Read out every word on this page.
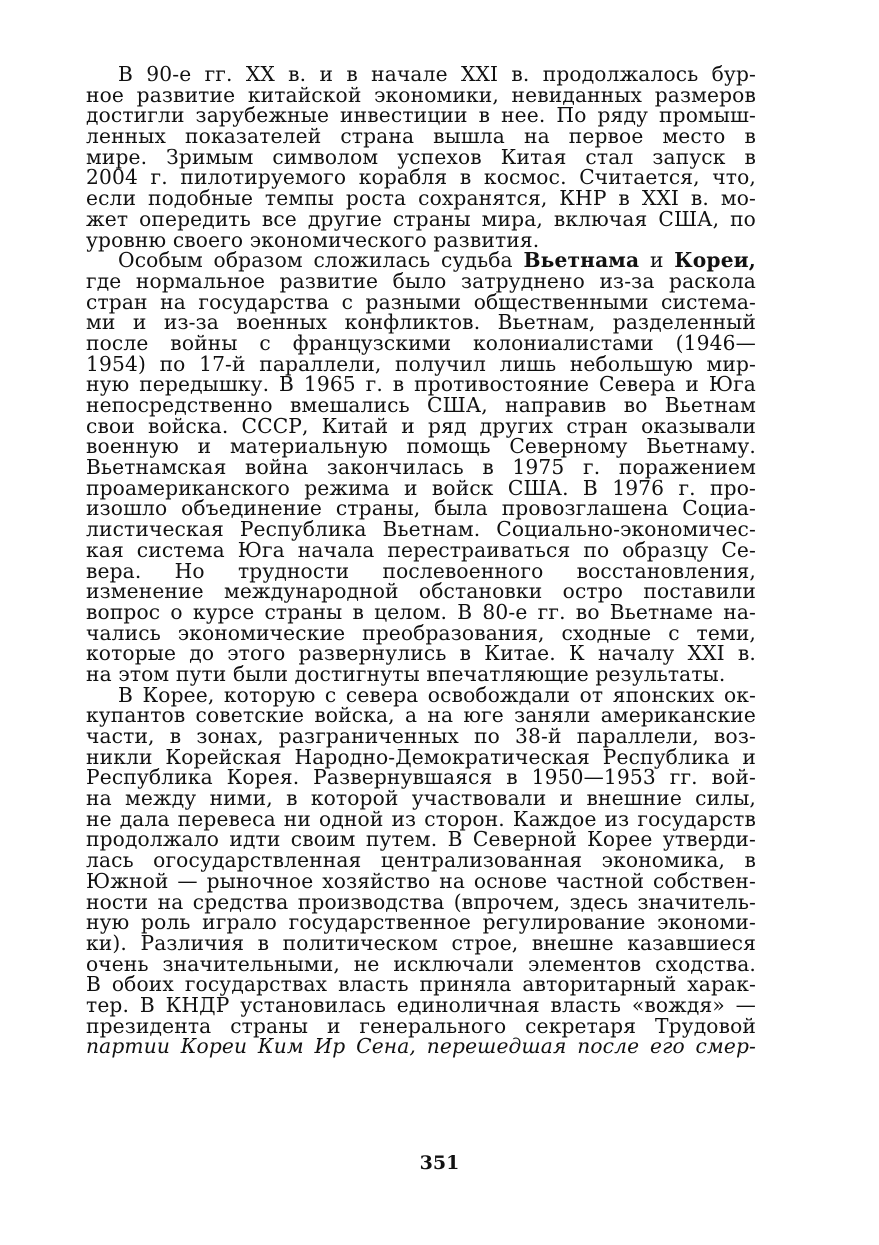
В 90-е гг. XX в. и в начале XXI в. продолжалось бур-
ное развитие китайской экономики, невиданных размеров
достигли зарубежные инвестиции в нее. По ряду промыш-
ленных показателей страна вышла на первое место в
мире. Зримым символом успехов Китая стал запуск в
2004 г. пилотируемого корабля в космос. Считается, что,
если подобные темпы роста сохранятся, КНР в XXI в. мо-
жет опередить все другие страны мира, включая США, по
уровню своего экономического развития.
Особым образом сложилась судьба Вьетнама и Кореи,
где нормальное развитие было затруднено из-за раскола
стран на государства с разными общественными система-
ми и из-за военных конфликтов. Вьетнам, разделенный
после войны с французскими колониалистами (1946—
1954) по 17-й параллели, получил лишь небольшую мир-
ную передышку. В 1965 г. в противостояние Севера и Юга
непосредственно вмешались США, направив во Вьетнам
свои войска. СССР, Китай и ряд других стран оказывали
военную и материальную помощь Северному Вьетнаму.
Вьетнамская война закончилась в 1975 г. поражением
проамериканского режима и войск США. В 1976 г. про-
изошло объединение страны, была провозглашена Социа-
листическая Республика Вьетнам. Социально-экономичес-
кая система Юга начала перестраиваться по образцу Се-
вера. Но трудности послевоенного восстановления,
изменение международной обстановки остро поставили
вопрос о курсе страны в целом. В 80-е гг. во Вьетнаме на-
чались экономические преобразования, сходные с теми,
которые до этого развернулись в Китае. К началу XXI в.
на этом пути были достигнуты впечатляющие результаты.
В Корее, которую с севера освобождали от японских ок-
купантов советские войска, а на юге заняли американские
части, в зонах, разграниченных по 38-й параллели, воз-
никли Корейская Народно-Демократическая Республика и
Республика Корея. Развернувшаяся в 1950—1953 гг. вой-
на между ними, в которой участвовали и внешние силы,
не дала перевеса ни одной из сторон. Каждое из государств
продолжало идти своим путем. В Северной Корее утверди-
лась огосударствленная централизованная экономика, в
Южной — рыночное хозяйство на основе частной собствен-
ности на средства производства (впрочем, здесь значитель-
ную роль играло государственное регулирование экономи-
ки). Различия в политическом строе, внешне казавшиеся
очень значительными, не исключали элементов сходства.
В обоих государствах власть приняла авторитарный харак-
тер. В КНДР установилась единоличная власть «вождя» —
президента страны и генерального секретаря Трудовой
партии Кореи Ким Ир Сена, перешедшая после его смер-
351
